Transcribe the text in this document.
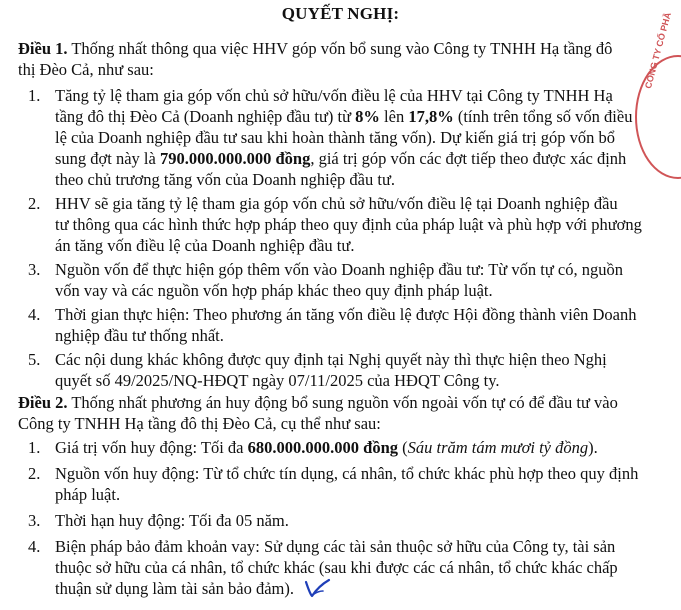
QUYẾT NGHỊ:
Điều 1. Thống nhất thông qua việc HHV góp vốn bổ sung vào Công ty TNHH Hạ tầng đô
thị Đèo Cả, như sau:
1. Tăng tỷ lệ tham gia góp vốn chủ sở hữu/vốn điều lệ của HHV tại Công ty TNHH Hạ
tầng đô thị Đèo Cả (Doanh nghiệp đầu tư) từ 8% lên 17,8% (tính trên tổng số vốn điều
lệ của Doanh nghiệp đầu tư sau khi hoàn thành tăng vốn). Dự kiến giá trị góp vốn bổ
sung đợt này là 790.000.000.000 đồng, giá trị góp vốn các đợt tiếp theo được xác định
theo chủ trương tăng vốn của Doanh nghiệp đầu tư.
2. HHV sẽ gia tăng tỷ lệ tham gia góp vốn chủ sở hữu/vốn điều lệ tại Doanh nghiệp đầu
tư thông qua các hình thức hợp pháp theo quy định của pháp luật và phù hợp với phương
án tăng vốn điều lệ của Doanh nghiệp đầu tư.
3. Nguồn vốn để thực hiện góp thêm vốn vào Doanh nghiệp đầu tư: Từ vốn tự có, nguồn
vốn vay và các nguồn vốn hợp pháp khác theo quy định pháp luật.
4. Thời gian thực hiện: Theo phương án tăng vốn điều lệ được Hội đồng thành viên Doanh
nghiệp đầu tư thống nhất.
5. Các nội dung khác không được quy định tại Nghị quyết này thì thực hiện theo Nghị
quyết số 49/2025/NQ-HĐQT ngày 07/11/2025 của HĐQT Công ty.
Điều 2. Thống nhất phương án huy động bổ sung nguồn vốn ngoài vốn tự có để đầu tư vào
Công ty TNHH Hạ tầng đô thị Đèo Cả, cụ thể như sau:
1. Giá trị vốn huy động: Tối đa 680.000.000.000 đồng (Sáu trăm tám mươi tỷ đồng).
2. Nguồn vốn huy động: Từ tổ chức tín dụng, cá nhân, tổ chức khác phù hợp theo quy định
pháp luật.
3. Thời hạn huy động: Tối đa 05 năm.
4. Biện pháp bảo đảm khoản vay: Sử dụng các tài sản thuộc sở hữu của Công ty, tài sản
thuộc sở hữu của cá nhân, tổ chức khác (sau khi được các cá nhân, tổ chức khác chấp
thuận sử dụng làm tài sản bảo đảm).
CÔNG TY CỔ PHẦ
